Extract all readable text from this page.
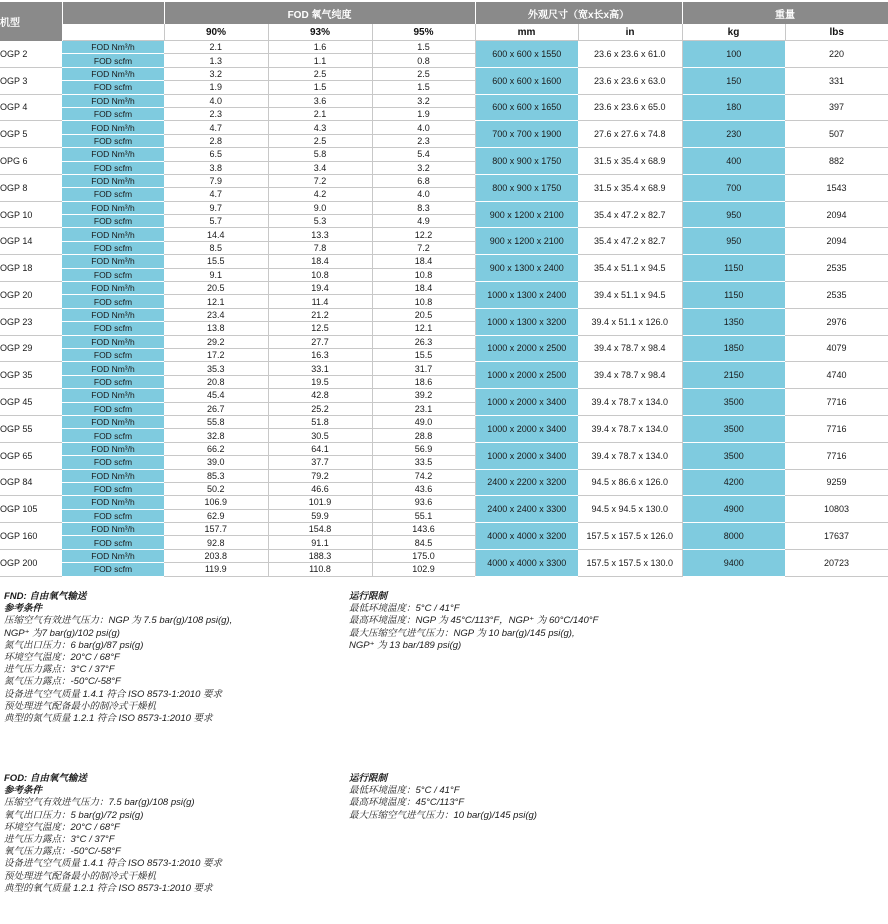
机型		FOD 氧气纯度			外观尺寸（宽x长x高）		重量	
		90%	93%	95%	mm	in	kg	lbs
OGP 2	FOD Nm³/h	2.1	1.6	1.5	600 x 600 x 1550	23.6 x 23.6 x 61.0	100	220
	FOD scfm	1.3	1.1	0.8				
OGP 3	FOD Nm³/h	3.2	2.5	2.5	600 x 600 x 1600	23.6 x 23.6 x 63.0	150	331
	FOD scfm	1.9	1.5	1.5				
OGP 4	FOD Nm³/h	4.0	3.6	3.2	600 x 600 x 1650	23.6 x 23.6 x 65.0	180	397
	FOD scfm	2.3	2.1	1.9				
OGP 5	FOD Nm³/h	4.7	4.3	4.0	700 x 700 x 1900	27.6 x 27.6 x 74.8	230	507
	FOD scfm	2.8	2.5	2.3				
OPG 6	FOD Nm³/h	6.5	5.8	5.4	800 x 900 x 1750	31.5 x 35.4 x 68.9	400	882
	FOD scfm	3.8	3.4	3.2				
OGP 8	FOD Nm³/h	7.9	7.2	6.8	800 x 900 x 1750	31.5 x 35.4 x 68.9	700	1543
	FOD scfm	4.7	4.2	4.0				
OGP 10	FOD Nm³/h	9.7	9.0	8.3	900 x 1200 x 2100	35.4 x 47.2 x 82.7	950	2094
	FOD scfm	5.7	5.3	4.9				
OGP 14	FOD Nm³/h	14.4	13.3	12.2	900 x 1200 x 2100	35.4 x 47.2 x 82.7	950	2094
	FOD scfm	8.5	7.8	7.2				
OGP 18	FOD Nm³/h	15.5	18.4	18.4	900 x 1300 x 2400	35.4 x 51.1 x 94.5	1150	2535
	FOD scfm	9.1	10.8	10.8				
OGP 20	FOD Nm³/h	20.5	19.4	18.4	1000 x 1300 x 2400	39.4 x 51.1 x 94.5	1150	2535
	FOD scfm	12.1	11.4	10.8				
OGP 23	FOD Nm³/h	23.4	21.2	20.5	1000 x 1300 x 3200	39.4 x 51.1 x 126.0	1350	2976
	FOD scfm	13.8	12.5	12.1				
OGP 29	FOD Nm³/h	29.2	27.7	26.3	1000 x 2000 x 2500	39.4 x 78.7 x 98.4	1850	4079
	FOD scfm	17.2	16.3	15.5				
OGP 35	FOD Nm³/h	35.3	33.1	31.7	1000 x 2000 x 2500	39.4 x 78.7 x 98.4	2150	4740
	FOD scfm	20.8	19.5	18.6				
OGP 45	FOD Nm³/h	45.4	42.8	39.2	1000 x 2000 x 3400	39.4 x 78.7 x 134.0	3500	7716
	FOD scfm	26.7	25.2	23.1				
OGP 55	FOD Nm³/h	55.8	51.8	49.0	1000 x 2000 x 3400	39.4 x 78.7 x 134.0	3500	7716
	FOD scfm	32.8	30.5	28.8				
OGP 65	FOD Nm³/h	66.2	64.1	56.9	1000 x 2000 x 3400	39.4 x 78.7 x 134.0	3500	7716
	FOD scfm	39.0	37.7	33.5				
OGP 84	FOD Nm³/h	85.3	79.2	74.2	2400 x 2200 x 3200	94.5 x 86.6 x 126.0	4200	9259
	FOD scfm	50.2	46.6	43.6				
OGP 105	FOD Nm³/h	106.9	101.9	93.6	2400 x 2400 x 3300	94.5 x 94.5 x 130.0	4900	10803
	FOD scfm	62.9	59.9	55.1				
OGP 160	FOD Nm³/h	157.7	154.8	143.6	4000 x 4000 x 3200	157.5 x 157.5 x 126.0	8000	17637
	FOD scfm	92.8	91.1	84.5				
OGP 200	FOD Nm³/h	203.8	188.3	175.0	4000 x 4000 x 3300	157.5 x 157.5 x 130.0	9400	20723
	FOD scfm	119.9	110.8	102.9				
FND: 自由氧气输送
参考条件
压缩空气有效进气压力：NGP 为 7.5 bar(g)/108 psi(g),
NGP⁺ 为7 bar(g)/102 psi(g)
氮气出口压力：6 bar(g)/87 psi(g)
环境空气温度：20°C / 68°F
进气压力露点：3°C / 37°F
氮气压力露点：-50°C/-58°F
设备进气空气质量 1.4.1 符合 ISO 8573-1:2010 要求
预处理进气配备最小的制冷式干燥机
典型的氮气质量 1.2.1 符合 ISO 8573-1:2010 要求
运行限制
最低环境温度：5°C / 41°F
最高环境温度：NGP 为 45°C/113°F，NGP⁺ 为 60°C/140°F
最大压缩空气进气压力：NGP 为 10 bar(g)/145 psi(g),
NGP⁺ 为 13 bar/189 psi(g)
FOD: 自由氧气输送
参考条件
压缩空气有效进气压力：7.5 bar(g)/108 psi(g)
氧气出口压力：5 bar(g)/72 psi(g)
环境空气温度：20°C / 68°F
进气压力露点：3°C / 37°F
氧气压力露点：-50°C/-58°F
设备进气空气质量 1.4.1 符合 ISO 8573-1:2010 要求
预处理进气配备最小的制冷式干燥机
典型的氧气质量 1.2.1 符合 ISO 8573-1:2010 要求
运行限制
最低环境温度：5°C / 41°F
最高环境温度：45°C/113°F
最大压缩空气进气压力：10 bar(g)/145 psi(g)
